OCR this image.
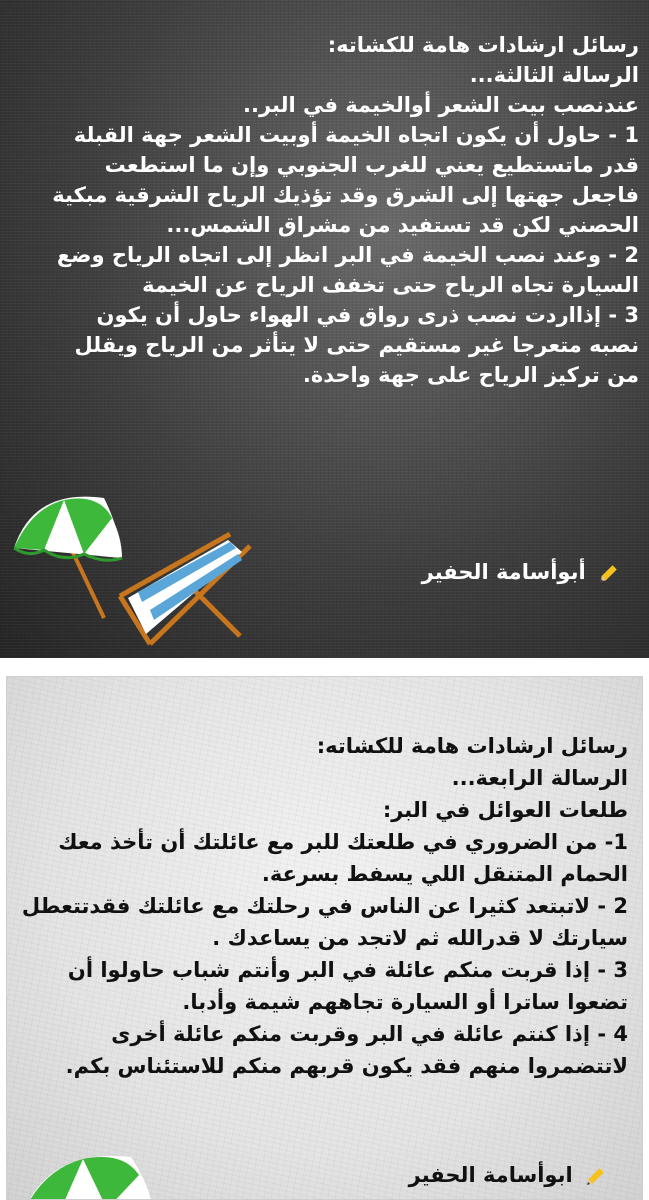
رسائل ارشادات هامة للكشاته:

الرسالة الثالثة...

عندنصب بيت الشعر أوالخيمة في البر..

1 - حاول أن يكون اتجاه الخيمة أوبيت الشعر جهة القبلة قدر ماتستطيع يعني للغرب الجنوبي وإن ما استطعت فاجعل جهتها إلى الشرق وقد تؤذيك الرياح الشرقية مبكية الحصني لكن قد تستفيد من مشراق الشمس...

2 - وعند نصب الخيمة في البر انظر إلى اتجاه الرياح وضع السيارة تجاه الرياح حتى تخفف الرياح عن الخيمة

3 - إذااردت نصب ذرى رواق في الهواء حاول أن يكون نصبه متعرجا غير مستقيم حتى لا يتأثر من الرياح ويقلل من تركيز الرياح على جهة واحدة.

أبوأسامة الحفير

رسائل ارشادات هامة للكشاته:

الرسالة الرابعة...

طلعات العوائل في البر:

1- من الضروري في طلعتك للبر مع عائلتك أن تأخذ معك الحمام المتنقل اللي يسفط بسرعة.

2 - لاتبتعد كثيرا عن الناس في رحلتك مع عائلتك فقدتتعطل سيارتك لا قدرالله ثم لاتجد من يساعدك .

3 - إذا قربت منكم عائلة في البر وأنتم شباب حاولوا أن تضعوا ساترا أو السيارة تجاههم شيمة وأدبا.

4 - إذا كنتم عائلة في البر وقربت منكم عائلة أخرى لاتتضمروا منهم فقد يكون قربهم منكم للاستئناس بكم.

ابوأسامة الحفير
